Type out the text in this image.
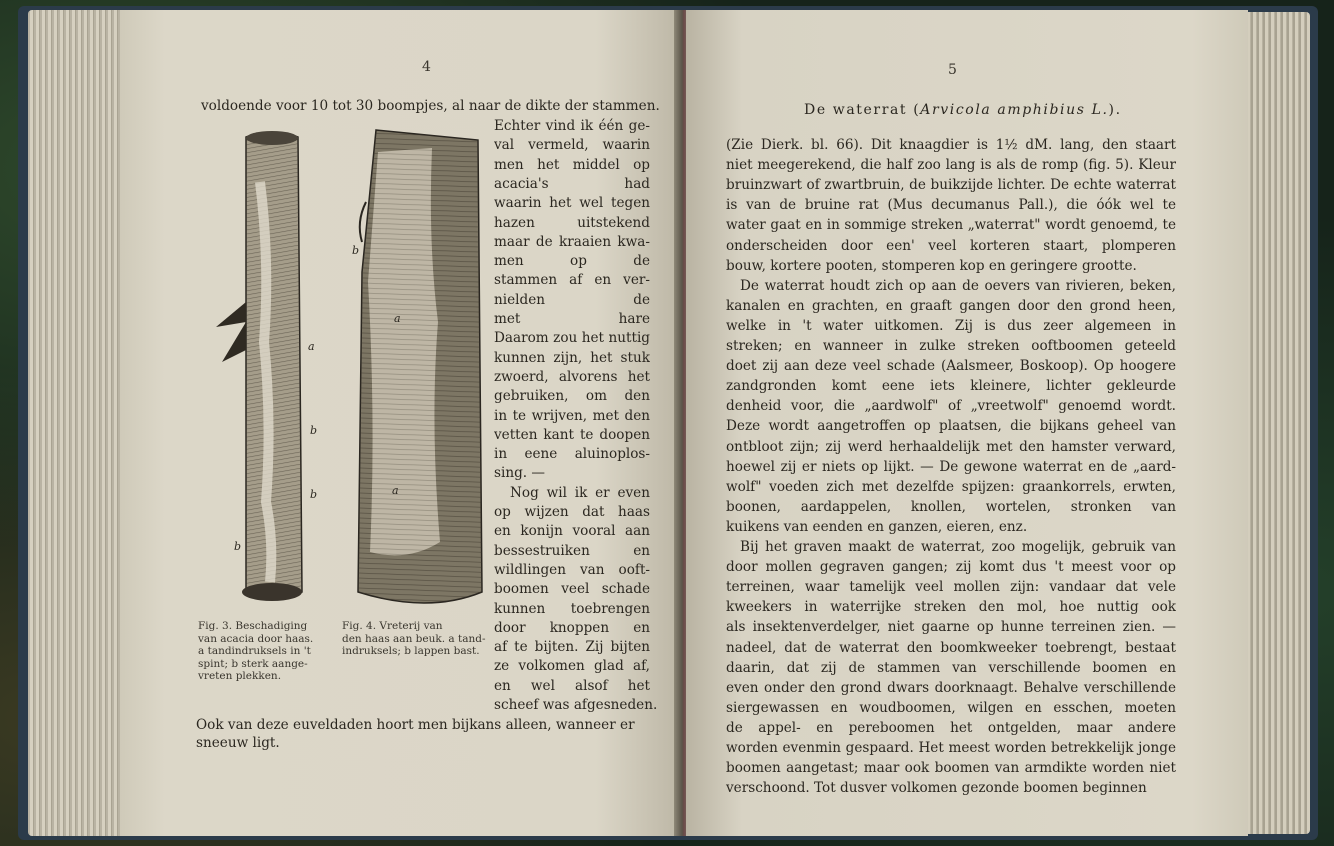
4
voldoende voor 10 tot 30 boompjes, al naar de dikte der stammen.
Echter vind ik één ge-
val vermeld, waarin
men het middel op
acacia's had
waarin het wel tegen
hazen uitstekend
maar de kraaien kwa-
men op de
stammen af en ver-
nielden de
met hare
Daarom zou het nuttig
kunnen zijn, het stuk
zwoerd, alvorens het
gebruiken, om den
in te wrijven, met den
vetten kant te doopen
in eene aluinoplos-
sing. —
Nog wil ik er even
op wijzen dat haas
en konijn vooral aan
bessestruiken en
wildlingen van ooft-
boomen veel schade
kunnen toebrengen
door knoppen en
af te bijten. Zij bijten
ze volkomen glad af,
en wel alsof het
scheef was afgesneden.
a
b
b
b
Fig. 3. Beschadiging
van acacia door haas.
a tandindruksels in 't
spint; b sterk aange-
vreten plekken.
b
a
a
Fig. 4. Vreterij van
den haas aan beuk. a tand-
indruksels; b lappen bast.
Ook van deze euveldaden hoort men bijkans alleen, wanneer er
sneeuw ligt.
5
De waterrat (Arvicola amphibius L.).
(Zie Dierk. bl. 66). Dit knaagdier is 1½ dM. lang, den staart
niet meegerekend, die half zoo lang is als de romp (fig. 5). Kleur
bruinzwart of zwartbruin, de buikzijde lichter. De echte waterrat
is van de bruine rat (Mus decumanus Pall.), die óók wel te
water gaat en in sommige streken „waterrat" wordt genoemd, te
onderscheiden door een' veel korteren staart, plomperen
bouw, kortere pooten, stomperen kop en geringere grootte.
De waterrat houdt zich op aan de oevers van rivieren, beken,
kanalen en grachten, en graaft gangen door den grond heen,
welke in 't water uitkomen. Zij is dus zeer algemeen in
streken; en wanneer in zulke streken ooftboomen geteeld
doet zij aan deze veel schade (Aalsmeer, Boskoop). Op hoogere
zandgronden komt eene iets kleinere, lichter gekleurde
denheid voor, die „aardwolf" of „vreetwolf" genoemd wordt.
Deze wordt aangetroffen op plaatsen, die bijkans geheel van
ontbloot zijn; zij werd herhaaldelijk met den hamster verward,
hoewel zij er niets op lijkt. — De gewone waterrat en de „aard-
wolf" voeden zich met dezelfde spijzen: graankorrels, erwten,
boonen, aardappelen, knollen, wortelen, stronken van
kuikens van eenden en ganzen, eieren, enz.
Bij het graven maakt de waterrat, zoo mogelijk, gebruik van
door mollen gegraven gangen; zij komt dus 't meest voor op
terreinen, waar tamelijk veel mollen zijn: vandaar dat vele
kweekers in waterrijke streken den mol, hoe nuttig ook
als insektenverdelger, niet gaarne op hunne terreinen zien. —
nadeel, dat de waterrat den boomkweeker toebrengt, bestaat
daarin, dat zij de stammen van verschillende boomen en
even onder den grond dwars doorknaagt. Behalve verschillende
siergewassen en woudboomen, wilgen en esschen, moeten
de appel- en pereboomen het ontgelden, maar andere
worden evenmin gespaard. Het meest worden betrekkelijk jonge
boomen aangetast; maar ook boomen van armdikte worden niet
verschoond. Tot dusver volkomen gezonde boomen beginnen
